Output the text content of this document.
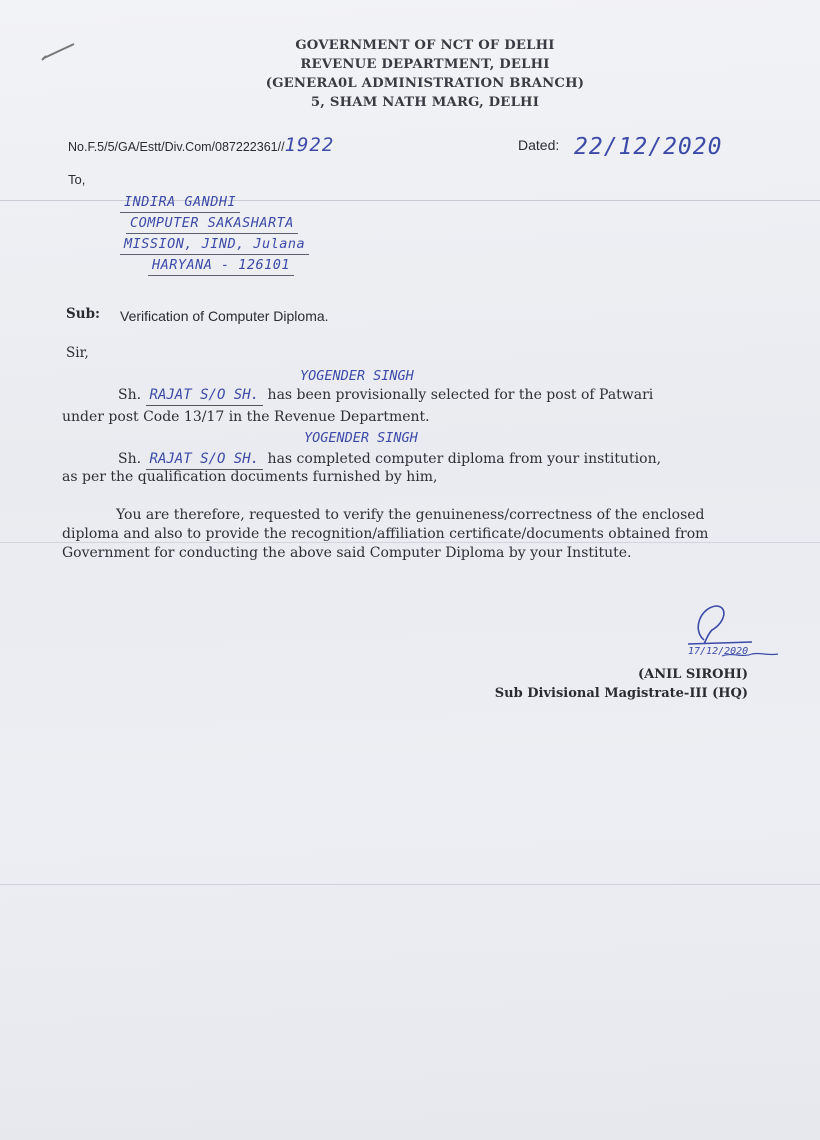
GOVERNMENT OF NCT OF DELHI
REVENUE DEPARTMENT, DELHI
(GENERA0L ADMINISTRATION BRANCH)
5, SHAM NATH MARG, DELHI
No.F.5/5/GA/Estt/Div.Com/087222361//1922	Dated: 22/12/2020
To,
INDIRA GANDHI
COMPUTER SAKASHARTA
MISSION, JIND, Julana
HARYANA - 126101
Sub: Verification of Computer Diploma.
Sir,
YOGENDER SINGH
Sh. RAJAT S/O SH. has been provisionally selected for the post of Patwari
under post Code 13/17 in the Revenue Department.
YOGENDER SINGH
Sh. RAJAT S/O SH. has completed computer diploma from your institution,
as per the qualification documents furnished by him,
You are therefore, requested to verify the genuineness/correctness of the enclosed
diploma and also to provide the recognition/affiliation certificate/documents obtained from
Government for conducting the above said Computer Diploma by your Institute.
17/12/2020
(ANIL SIROHI)
Sub Divisional Magistrate-III (HQ)
